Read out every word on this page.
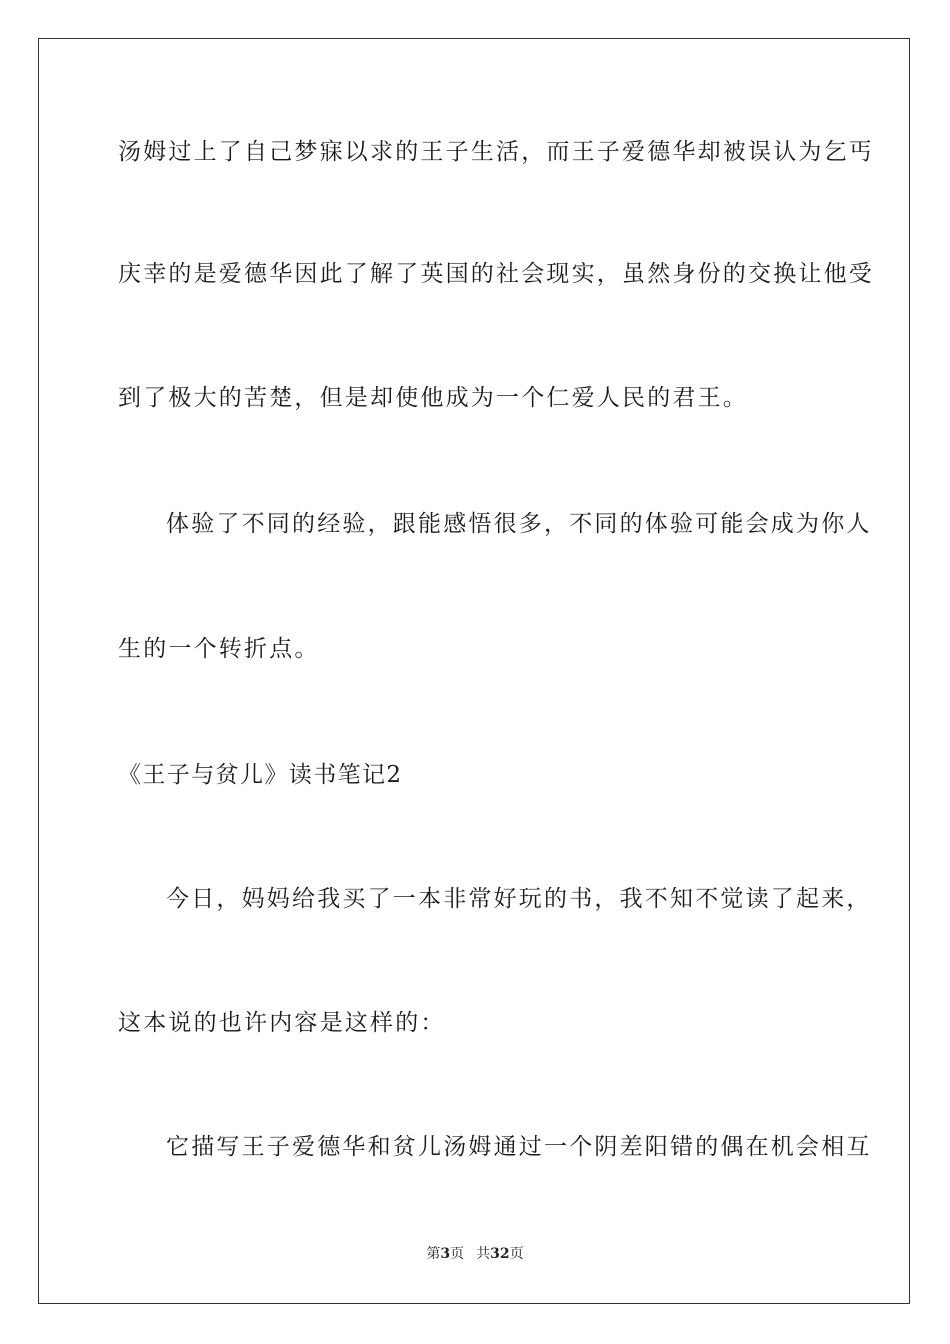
汤姆过上了自己梦寐以求的王子生活，而王子爱德华却被误认为乞丐
庆幸的是爱德华因此了解了英国的社会现实，虽然身份的交换让他受
到了极大的苦楚，但是却使他成为一个仁爱人民的君王。
体验了不同的经验，跟能感悟很多，不同的体验可能会成为你人
生的一个转折点。
《王子与贫儿》读书笔记2
今日，妈妈给我买了一本非常好玩的书，我不知不觉读了起来，
这本说的也许内容是这样的：
它描写王子爱德华和贫儿汤姆通过一个阴差阳错的偶在机会相互
第3页 共32页
